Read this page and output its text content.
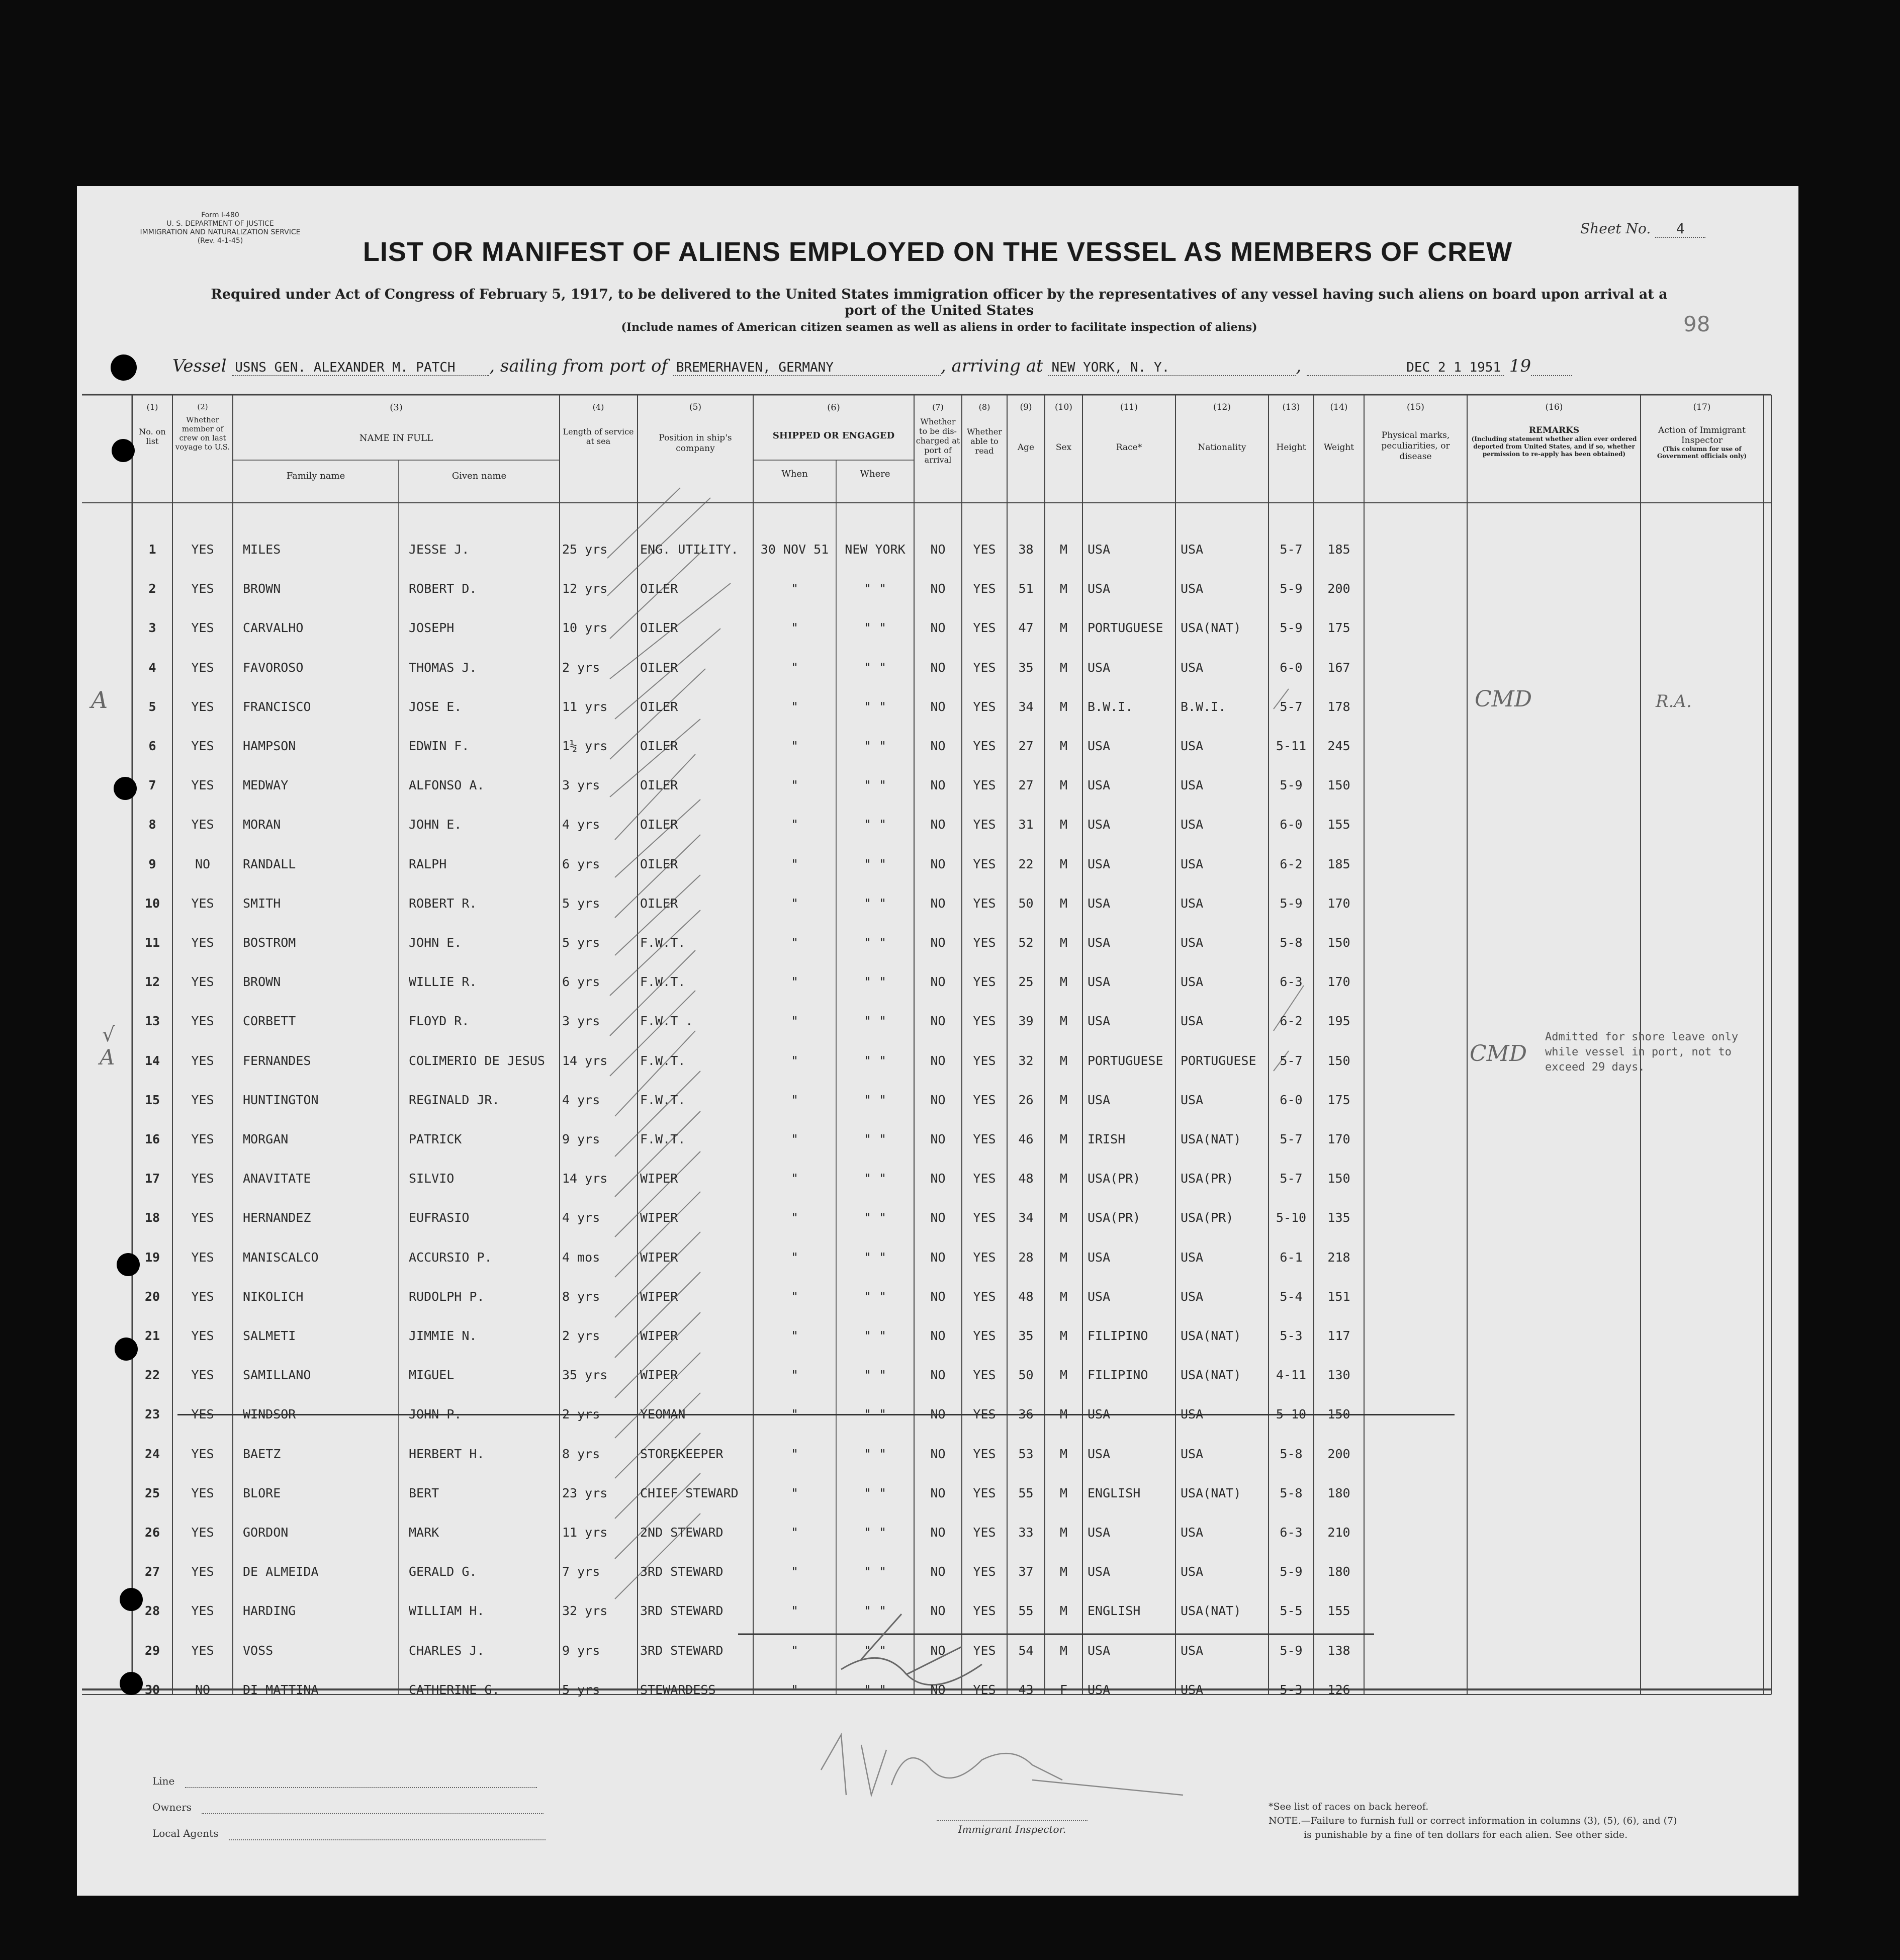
Form I-480
U. S. DEPARTMENT OF JUSTICE
IMMIGRATION AND NATURALIZATION SERVICE
(Rev. 4-1-45)
Sheet No. 4
98
LIST OR MANIFEST OF ALIENS EMPLOYED ON THE VESSEL AS MEMBERS OF CREW
Required under Act of Congress of February 5, 1917, to be delivered to the United States immigration officer by the representatives of any vessel having such aliens on board upon arrival at a
port of the United States
(Include names of American citizen seamen as well as aliens in order to facilitate inspection of aliens)
Vessel USNS GEN. ALEXANDER M. PATCH , sailing from port of BREMERHAVEN, GERMANY	, arriving at NEW YORK, N. Y.	,	DEC 2 1 1951 19
(1)
No. on list
(2)
Whether member of crew on last voyage to U.S.
(3)
NAME IN FULL
Family name	Given name
(4)
Length of service at sea
(5)
Position in ship's company
(6)
SHIPPED OR ENGAGED
When	Where
(7)
Whether to be dis-charged at port of arrival
(8)
Whether able to read
(9)
Age
(10)
Sex
(11)
Race*
(12)
Nationality
(13)
Height
(14)
Weight
(15)
Physical marks, peculiarities, or disease
(16)
REMARKS
(Including statement whether alien ever ordered deported from United States, and if so, whether permission to re-apply has been obtained)
(17)
Action of Immigrant Inspector
(This column for use of Government officials only)
1	YES	MILES	JESSE J.	25 yrs	ENG. UTILITY.	30 NOV 51	NEW YORK	NO	YES	38	M	USA	USA	5-7	185
2	YES	BROWN	ROBERT D.	12 yrs	OILER	"	" "	NO	YES	51	M	USA	USA	5-9	200
3	YES	CARVALHO	JOSEPH	10 yrs	OILER	"	" "	NO	YES	47	M	PORTUGUESE	USA(NAT)	5-9	175
4	YES	FAVOROSO	THOMAS J.	2 yrs	OILER	"	" "	NO	YES	35	M	USA	USA	6-0	167
5	YES	FRANCISCO	JOSE E.	11 yrs	OILER	"	" "	NO	YES	34	M	B.W.I.	B.W.I.	5-7	178
6	YES	HAMPSON	EDWIN F.	1½ yrs	OILER	"	" "	NO	YES	27	M	USA	USA	5-11	245
7	YES	MEDWAY	ALFONSO A.	3 yrs	OILER	"	" "	NO	YES	27	M	USA	USA	5-9	150
8	YES	MORAN	JOHN E.	4 yrs	OILER	"	" "	NO	YES	31	M	USA	USA	6-0	155
9	NO	RANDALL	RALPH	6 yrs	OILER	"	" "	NO	YES	22	M	USA	USA	6-2	185
10	YES	SMITH	ROBERT R.	5 yrs	OILER	"	" "	NO	YES	50	M	USA	USA	5-9	170
11	YES	BOSTROM	JOHN E.	5 yrs	F.W.T.	"	" "	NO	YES	52	M	USA	USA	5-8	150
12	YES	BROWN	WILLIE R.	6 yrs	F.W.T.	"	" "	NO	YES	25	M	USA	USA	6-3	170
13	YES	CORBETT	FLOYD R.	3 yrs	F.W.T .	"	" "	NO	YES	39	M	USA	USA	6-2	195
14	YES	FERNANDES	COLIMERIO DE JESUS	14 yrs	F.W.T.	"	" "	NO	YES	32	M	PORTUGUESE	PORTUGUESE	5-7	150
15	YES	HUNTINGTON	REGINALD JR.	4 yrs	F.W.T.	"	" "	NO	YES	26	M	USA	USA	6-0	175
16	YES	MORGAN	PATRICK	9 yrs	F.W.T.	"	" "	NO	YES	46	M	IRISH	USA(NAT)	5-7	170
17	YES	ANAVITATE	SILVIO	14 yrs	WIPER	"	" "	NO	YES	48	M	USA(PR)	USA(PR)	5-7	150
18	YES	HERNANDEZ	EUFRASIO	4 yrs	WIPER	"	" "	NO	YES	34	M	USA(PR)	USA(PR)	5-10	135
19	YES	MANISCALCO	ACCURSIO P.	4 mos	WIPER	"	" "	NO	YES	28	M	USA	USA	6-1	218
20	YES	NIKOLICH	RUDOLPH P.	8 yrs	WIPER	"	" "	NO	YES	48	M	USA	USA	5-4	151
21	YES	SALMETI	JIMMIE N.	2 yrs	WIPER	"	" "	NO	YES	35	M	FILIPINO	USA(NAT)	5-3	117
22	YES	SAMILLANO	MIGUEL	35 yrs	WIPER	"	" "	NO	YES	50	M	FILIPINO	USA(NAT)	4-11	130
23	YES	WINDSOR	JOHN P.	2 yrs	YEOMAN	"	" "	NO	YES	36	M	USA	USA	5-10	150
24	YES	BAETZ	HERBERT H.	8 yrs	STOREKEEPER	"	" "	NO	YES	53	M	USA	USA	5-8	200
25	YES	BLORE	BERT	23 yrs	CHIEF STEWARD	"	" "	NO	YES	55	M	ENGLISH	USA(NAT)	5-8	180
26	YES	GORDON	MARK	11 yrs	2ND STEWARD	"	" "	NO	YES	33	M	USA	USA	6-3	210
27	YES	DE ALMEIDA	GERALD G.	7 yrs	3RD STEWARD	"	" "	NO	YES	37	M	USA	USA	5-9	180
28	YES	HARDING	WILLIAM H.	32 yrs	3RD STEWARD	"	" "	NO	YES	55	M	ENGLISH	USA(NAT)	5-5	155
29	YES	VOSS	CHARLES J.	9 yrs	3RD STEWARD	"	" "	NO	YES	54	M	USA	USA	5-9	138
30	NO	DI MATTINA	CATHERINE G.	5 yrs	STEWARDESS	"	" "	NO	YES	43	F	USA	USA	5-3	126
A
√
A
CMD	R.A.
CMD
Admitted for shore leave only
while vessel in port, not to
exceed 29 days.
Line
Owners
Local Agents	Immigrant Inspector.
*See list of races on back hereof.
NOTE.—Failure to furnish full or correct information in columns (3), (5), (6), and (7)
is punishable by a fine of ten dollars for each alien. See other side.
